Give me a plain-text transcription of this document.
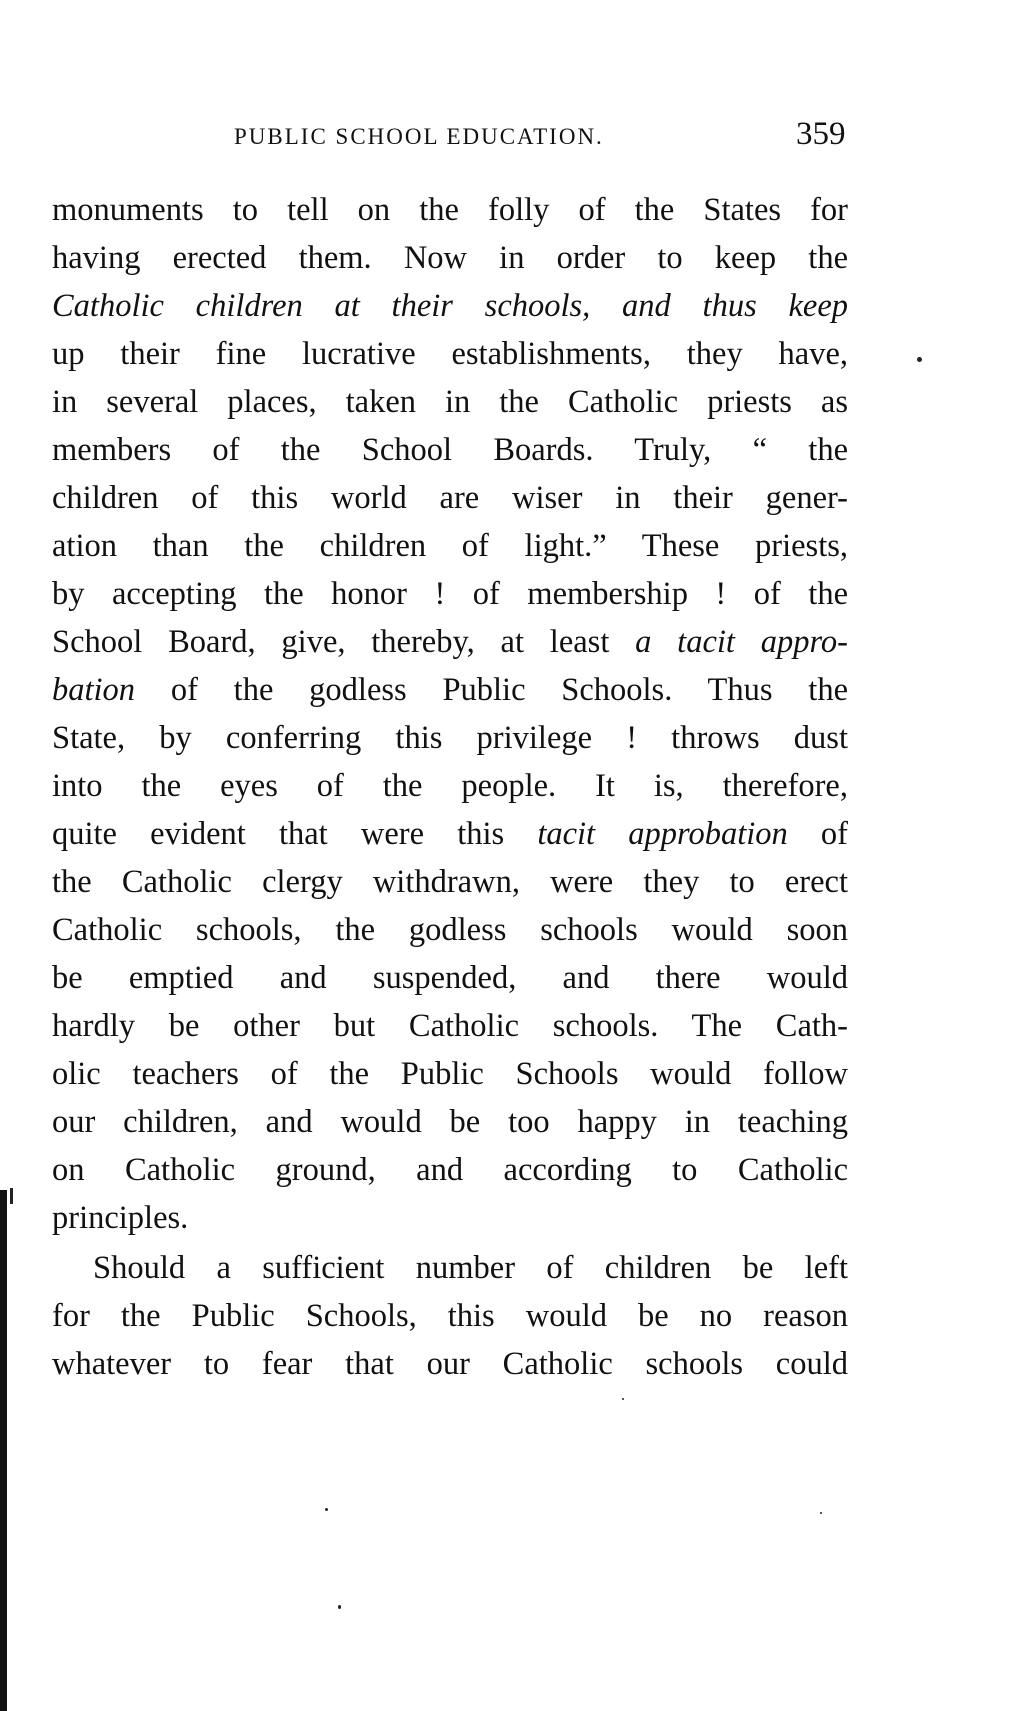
PUBLIC SCHOOL EDUCATION.	359
monuments to tell on the folly of the States for
having erected them. Now in order to keep the
Catholic children at their schools, and thus keep
up their fine lucrative establishments, they have,
in several places, taken in the Catholic priests as
members of the School Boards. Truly, “ the
children of this world are wiser in their gener-
ation than the children of light.” These priests,
by accepting the honor ! of membership ! of the
School Board, give, thereby, at least a tacit appro-
bation of the godless Public Schools. Thus the
State, by conferring this privilege ! throws dust
into the eyes of the people. It is, therefore,
quite evident that were this tacit approbation of
the Catholic clergy withdrawn, were they to erect
Catholic schools, the godless schools would soon
be emptied and suspended, and there would
hardly be other but Catholic schools. The Cath-
olic teachers of the Public Schools would follow
our children, and would be too happy in teaching
on Catholic ground, and according to Catholic
principles.
Should a sufficient number of children be left
for the Public Schools, this would be no reason
whatever to fear that our Catholic schools could
